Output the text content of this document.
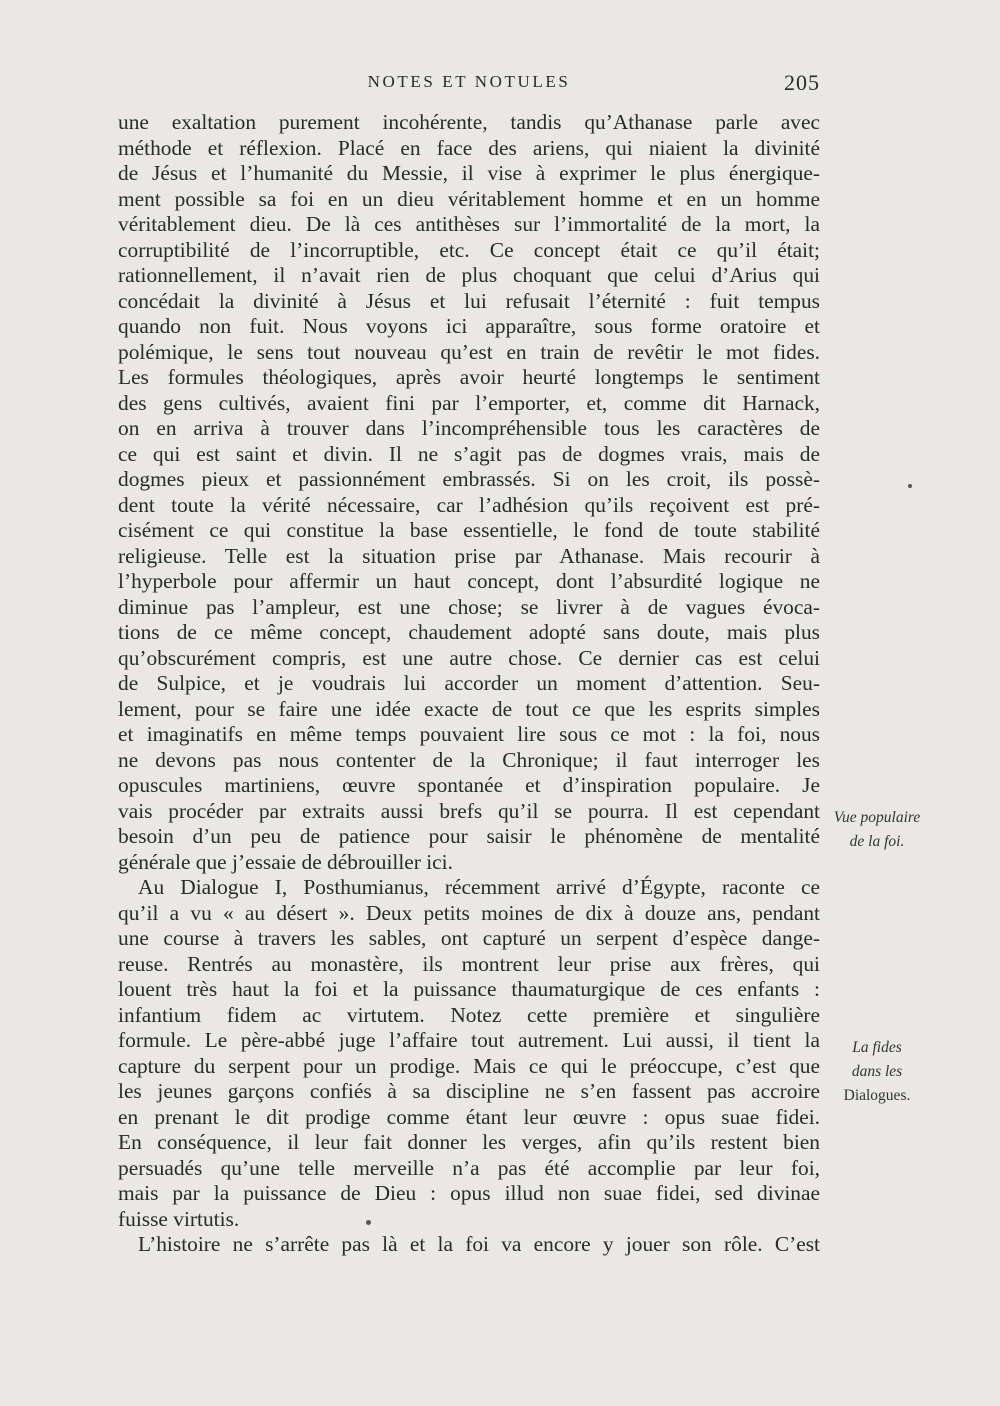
NOTES ET NOTULES	205
une exaltation purement incohérente, tandis qu’Athanase parle avec
méthode et réflexion. Placé en face des ariens, qui niaient la divinité
de Jésus et l’humanité du Messie, il vise à exprimer le plus énergique-
ment possible sa foi en un dieu véritablement homme et en un homme
véritablement dieu. De là ces antithèses sur l’immortalité de la mort, la
corruptibilité de l’incorruptible, etc. Ce concept était ce qu’il était;
rationnellement, il n’avait rien de plus choquant que celui d’Arius qui
concédait la divinité à Jésus et lui refusait l’éternité : fuit tempus
quando non fuit. Nous voyons ici apparaître, sous forme oratoire et
polémique, le sens tout nouveau qu’est en train de revêtir le mot fides.
Les formules théologiques, après avoir heurté longtemps le sentiment
des gens cultivés, avaient fini par l’emporter, et, comme dit Harnack,
on en arriva à trouver dans l’incompréhensible tous les caractères de
ce qui est saint et divin. Il ne s’agit pas de dogmes vrais, mais de
dogmes pieux et passionnément embrassés. Si on les croit, ils possè-
dent toute la vérité nécessaire, car l’adhésion qu’ils reçoivent est pré-
cisément ce qui constitue la base essentielle, le fond de toute stabilité
religieuse. Telle est la situation prise par Athanase. Mais recourir à
l’hyperbole pour affermir un haut concept, dont l’absurdité logique ne
diminue pas l’ampleur, est une chose; se livrer à de vagues évoca-
tions de ce même concept, chaudement adopté sans doute, mais plus
qu’obscurément compris, est une autre chose. Ce dernier cas est celui
de Sulpice, et je voudrais lui accorder un moment d’attention. Seu-
lement, pour se faire une idée exacte de tout ce que les esprits simples
et imaginatifs en même temps pouvaient lire sous ce mot : la foi, nous
ne devons pas nous contenter de la Chronique; il faut interroger les
opuscules martiniens, œuvre spontanée et d’inspiration populaire. Je
vais procéder par extraits aussi brefs qu’il se pourra. Il est cependant
besoin d’un peu de patience pour saisir le phénomène de mentalité
générale que j’essaie de débrouiller ici.
Au Dialogue I, Posthumianus, récemment arrivé d’Égypte, raconte ce
qu’il a vu « au désert ». Deux petits moines de dix à douze ans, pendant
une course à travers les sables, ont capturé un serpent d’espèce dange-
reuse. Rentrés au monastère, ils montrent leur prise aux frères, qui
louent très haut la foi et la puissance thaumaturgique de ces enfants :
infantium fidem ac virtutem. Notez cette première et singulière
formule. Le père-abbé juge l’affaire tout autrement. Lui aussi, il tient la
capture du serpent pour un prodige. Mais ce qui le préoccupe, c’est que
les jeunes garçons confiés à sa discipline ne s’en fassent pas accroire
en prenant le dit prodige comme étant leur œuvre : opus suae fidei.
En conséquence, il leur fait donner les verges, afin qu’ils restent bien
persuadés qu’une telle merveille n’a pas été accomplie par leur foi,
mais par la puissance de Dieu : opus illud non suae fidei, sed divinae
fuisse virtutis.
L’histoire ne s’arrête pas là et la foi va encore y jouer son rôle. C’est
Vue populaire
de la foi.
La fides
dans les
Dialogues.
